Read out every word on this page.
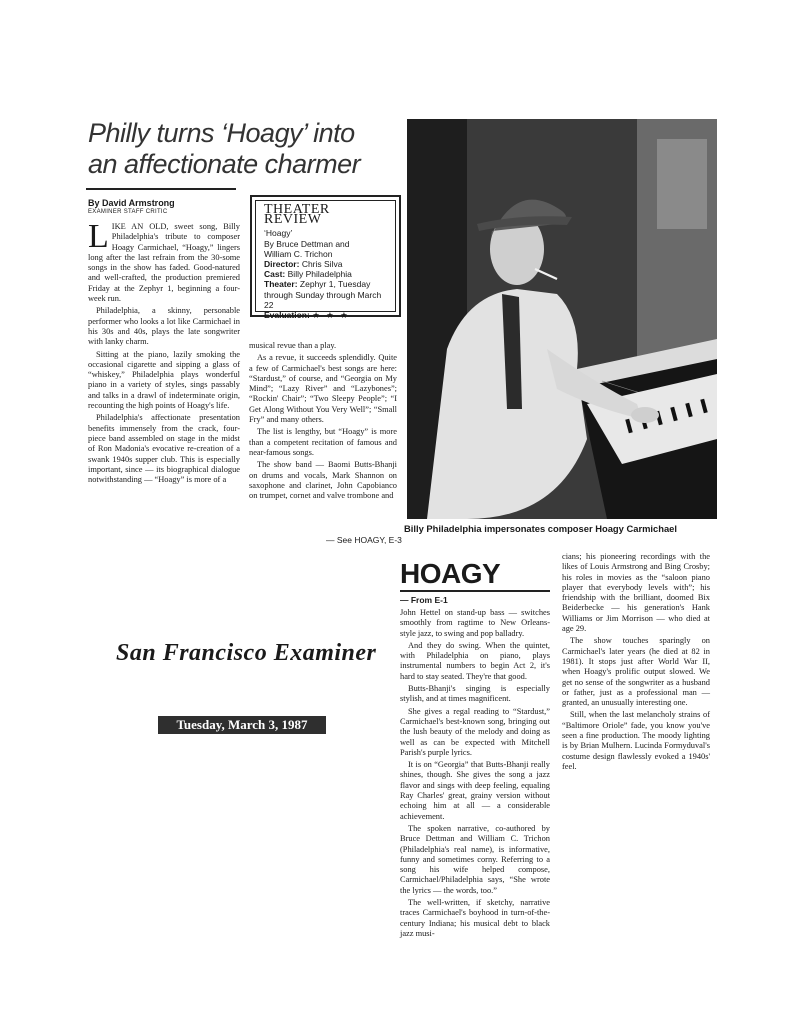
Philly turns ‘Hoagy’ into
an affectionate charmer
By David Armstrong
EXAMINER STAFF CRITIC	THEATER REVIEW
‘Hoagy’
By Bruce Dettman and
William C. Trichon
Director: Chris Silva
Cast: Billy Philadelphia
Theater: Zephyr 1, Tuesday through Sunday through March 22
Evaluation: ★ ★ ★

LIKE AN OLD, sweet song, Billy Philadelphia's tribute to composer Hoagy Carmichael, “Hoagy,” lingers long after the last refrain from the 30-some songs in the show has faded. Good-natured and well-crafted, the production premiered Friday at the Zephyr 1, beginning a four-week run.

Philadelphia, a skinny, personable performer who looks a lot like Carmichael in his 30s and 40s, plays the late songwriter with lanky charm.

Sitting at the piano, lazily smoking the occasional cigarette and sipping a glass of “whiskey,” Philadelphia plays wonderful piano in a variety of styles, sings passably and talks in a drawl of indeterminate origin, recounting the high points of Hoagy's life.

Philadelphia's affectionate presentation benefits immensely from the crack, four-piece band assembled on stage in the midst of Ron Madonia's evocative re-creation of a swank 1940s supper club. This is especially important, since — its biographical dialogue notwithstanding — “Hoagy” is more of a

musical revue than a play.

As a revue, it succeeds splendidly. Quite a few of Carmichael's best songs are here: “Stardust,” of course, and “Georgia on My Mind”; “Lazy River” and “Lazybones”; “Rockin' Chair”; “Two Sleepy People”; “I Get Along Without You Very Well”; “Small Fry” and many others.

The list is lengthy, but “Hoagy” is more than a competent recitation of famous and near-famous songs.

The show band — Baomi Butts-Bhanji on drums and vocals, Mark Shannon on saxophone and clarinet, John Capobianco on trumpet, cornet and valve trombone and

— See HOAGY, E-3
Billy Philadelphia impersonates composer Hoagy Carmichael
HOAGY
— From E-1

John Hettel on stand-up bass — switches smoothly from ragtime to New Orleans-style jazz, to swing and pop balladry.

And they do swing. When the quintet, with Philadelphia on piano, plays instrumental numbers to begin Act 2, it's hard to stay seated. They're that good.

Butts-Bhanji's singing is especially stylish, and at times magnificent.

She gives a regal reading to “Stardust,” Carmichael's best-known song, bringing out the lush beauty of the melody and doing as well as can be expected with Mitchell Parish's purple lyrics.

It is on “Georgia” that Butts-Bhanji really shines, though. She gives the song a jazz flavor and sings with deep feeling, equaling Ray Charles' great, grainy version without echoing him at all — a considerable achievement.

The spoken narrative, co-authored by Bruce Dettman and William C. Trichon (Philadelphia's real name), is informative, funny and sometimes corny. Referring to a song his wife helped compose, Carmichael/Philadelphia says, “She wrote the lyrics — the words, too.”

The well-written, if sketchy, narrative traces Carmichael's boyhood in turn-of-the-century Indiana; his musical debt to black jazz musi-

cians; his pioneering recordings with the likes of Louis Armstrong and Bing Crosby; his roles in movies as the “saloon piano player that everybody levels with”; his friendship with the brilliant, doomed Bix Beiderbecke — his generation's Hank Williams or Jim Morrison — who died at age 29.

The show touches sparingly on Carmichael's later years (he died at 82 in 1981). It stops just after World War II, when Hoagy's prolific output slowed. We get no sense of the songwriter as a husband or father, just as a professional man — granted, an unusually interesting one.

Still, when the last melancholy strains of “Baltimore Oriole” fade, you know you've seen a fine production. The moody lighting is by Brian Mulhern. Lucinda Formyduval's costume design flawlessly evoked a 1940s' feel.

San Francisco Examiner
Tuesday, March 3, 1987
